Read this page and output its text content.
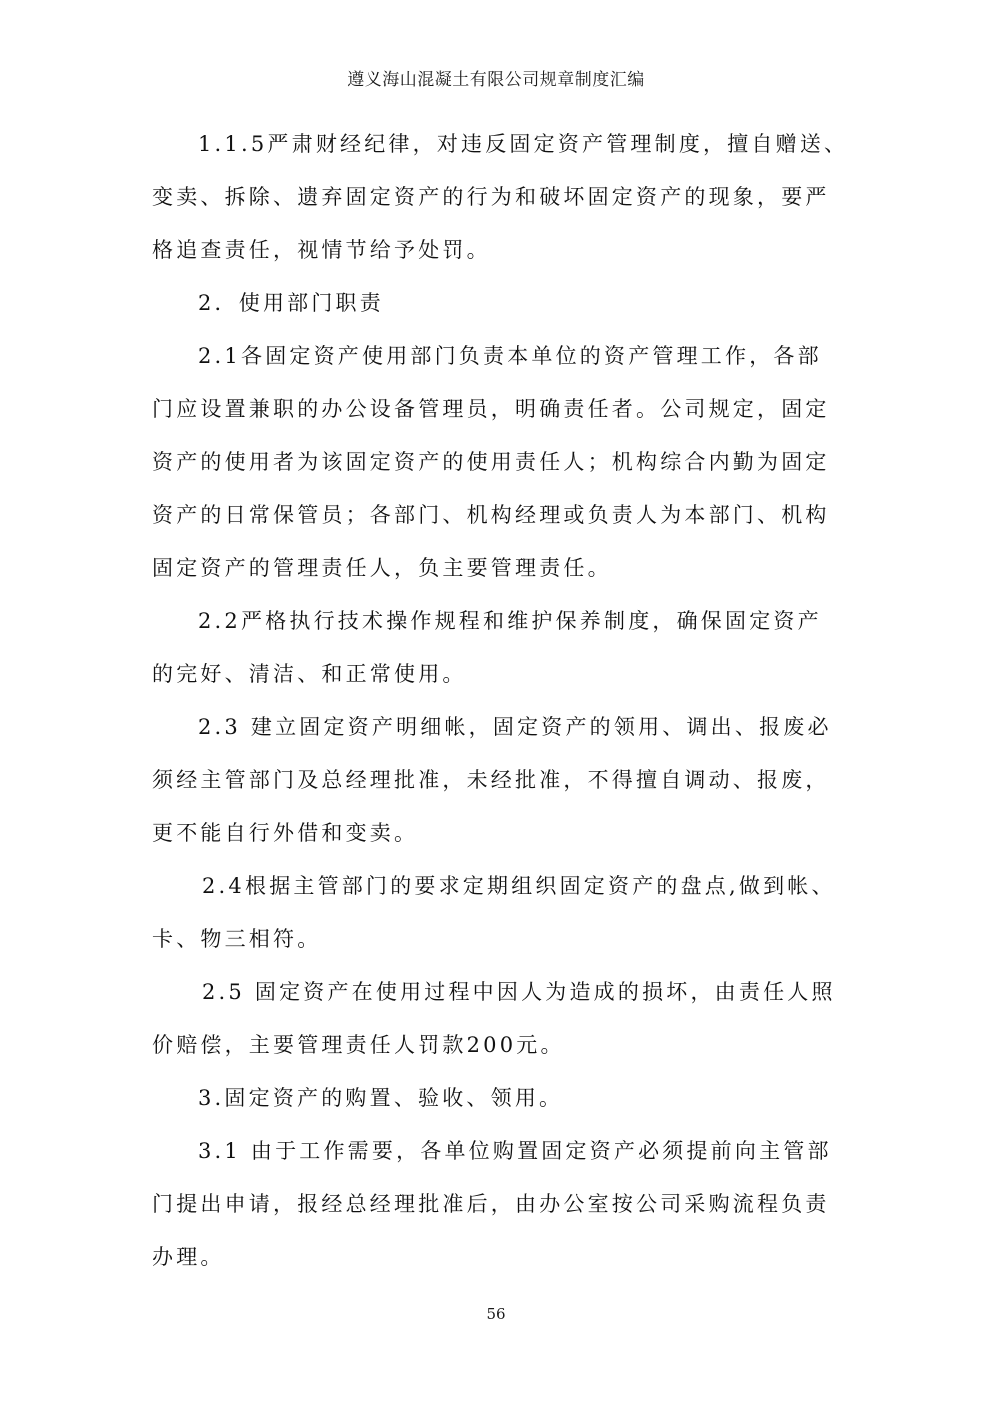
遵义海山混凝土有限公司规章制度汇编
1.1.5严肃财经纪律，对违反固定资产管理制度，擅自赠送、
变卖、拆除、遗弃固定资产的行为和破坏固定资产的现象，要严
格追查责任，视情节给予处罚。
2．使用部门职责
2.1各固定资产使用部门负责本单位的资产管理工作，各部
门应设置兼职的办公设备管理员，明确责任者。公司规定，固定
资产的使用者为该固定资产的使用责任人；机构综合内勤为固定
资产的日常保管员；各部门、机构经理或负责人为本部门、机构
固定资产的管理责任人，负主要管理责任。
2.2严格执行技术操作规程和维护保养制度，确保固定资产
的完好、清洁、和正常使用。
2.3 建立固定资产明细帐，固定资产的领用、调出、报废必
须经主管部门及总经理批准，未经批准，不得擅自调动、报废，
更不能自行外借和变卖。
2.4根据主管部门的要求定期组织固定资产的盘点,做到帐、
卡、物三相符。
2.5 固定资产在使用过程中因人为造成的损坏，由责任人照
价赔偿，主要管理责任人罚款200元。
3.固定资产的购置、验收、领用。
3.1 由于工作需要，各单位购置固定资产必须提前向主管部
门提出申请，报经总经理批准后，由办公室按公司采购流程负责
办理。
56
